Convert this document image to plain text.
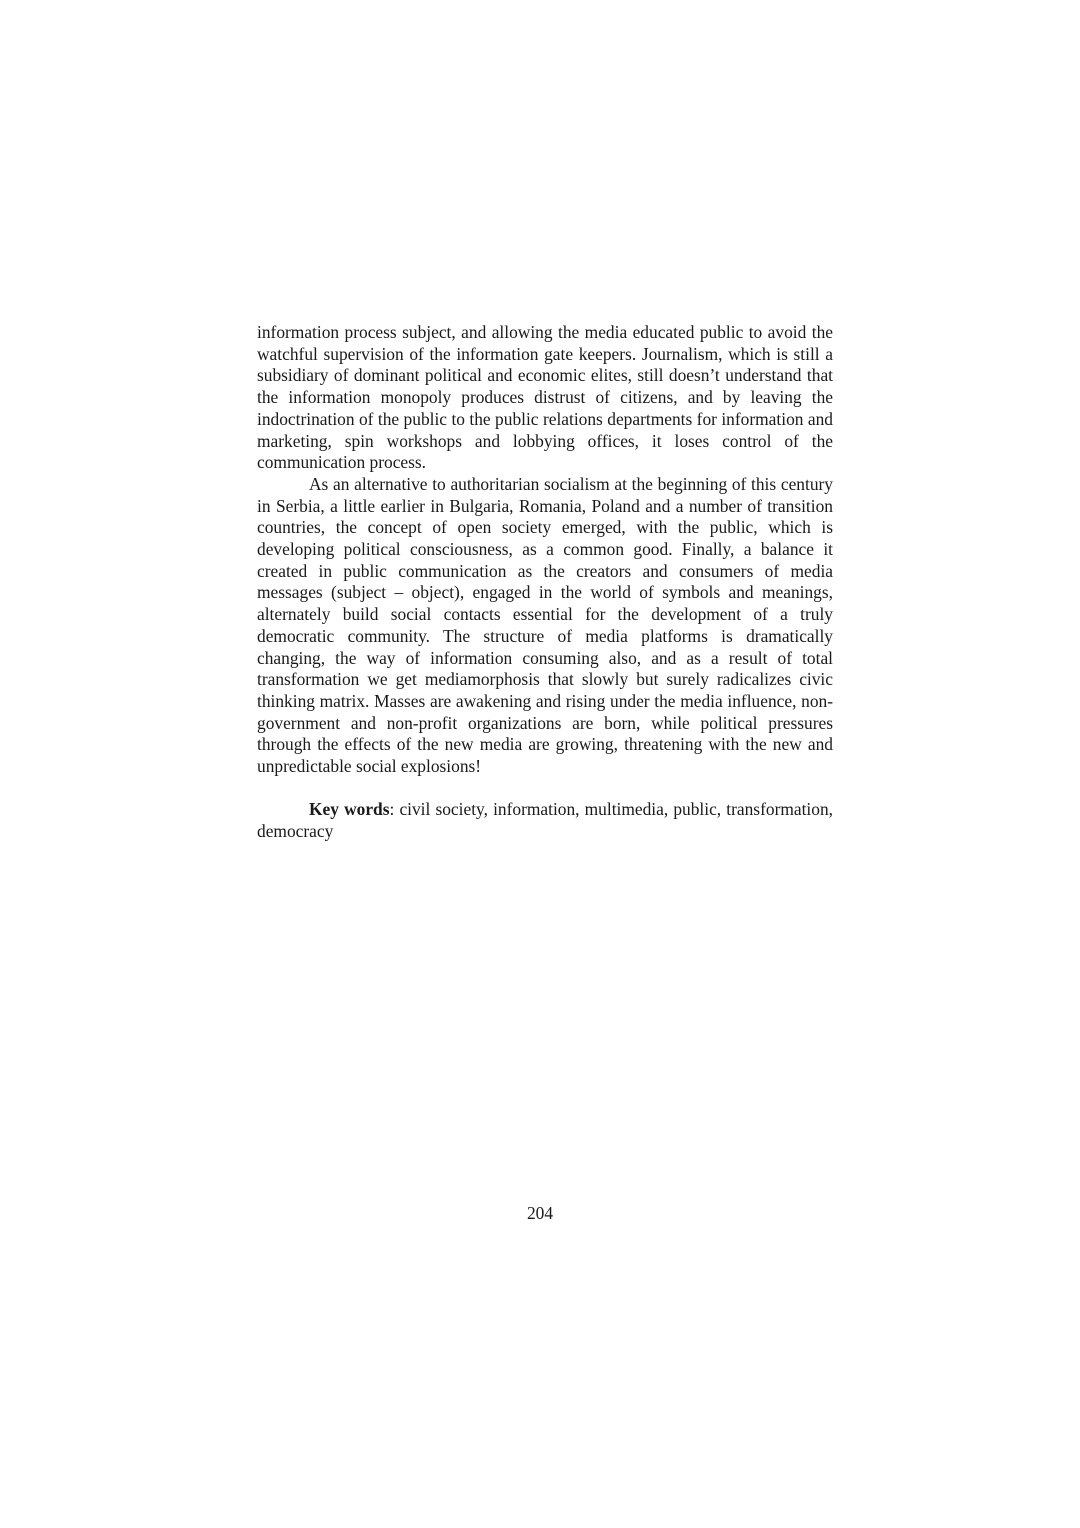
information process subject, and allowing the media educated public to avoid the watchful supervision of the information gate keepers. Journalism, which is still a subsidiary of dominant political and economic elites, still doesn’t understand that the information monopoly produces distrust of citizens, and by leaving the indoctrination of the public to the public relations departments for information and marketing, spin workshops and lobbying offices, it loses control of the communication process.

As an alternative to authoritarian socialism at the beginning of this century in Serbia, a little earlier in Bulgaria, Romania, Poland and a number of transition countries, the concept of open society emerged, with the public, which is developing political consciousness, as a common good. Finally, a balance it created in public communication as the creators and consumers of media messages (subject – object), engaged in the world of symbols and meanings, alternately build social contacts essential for the development of a truly democratic community. The structure of media platforms is dramatically changing, the way of information consuming also, and as a result of total transformation we get mediamorphosis that slowly but surely radicalizes civic thinking matrix. Masses are awakening and rising under the media influence, non-government and non-profit organizations are born, while political pressures through the effects of the new media are growing, threatening with the new and unpredictable social explosions!

Key words: civil society, information, multimedia, public, transformation, democracy

204
